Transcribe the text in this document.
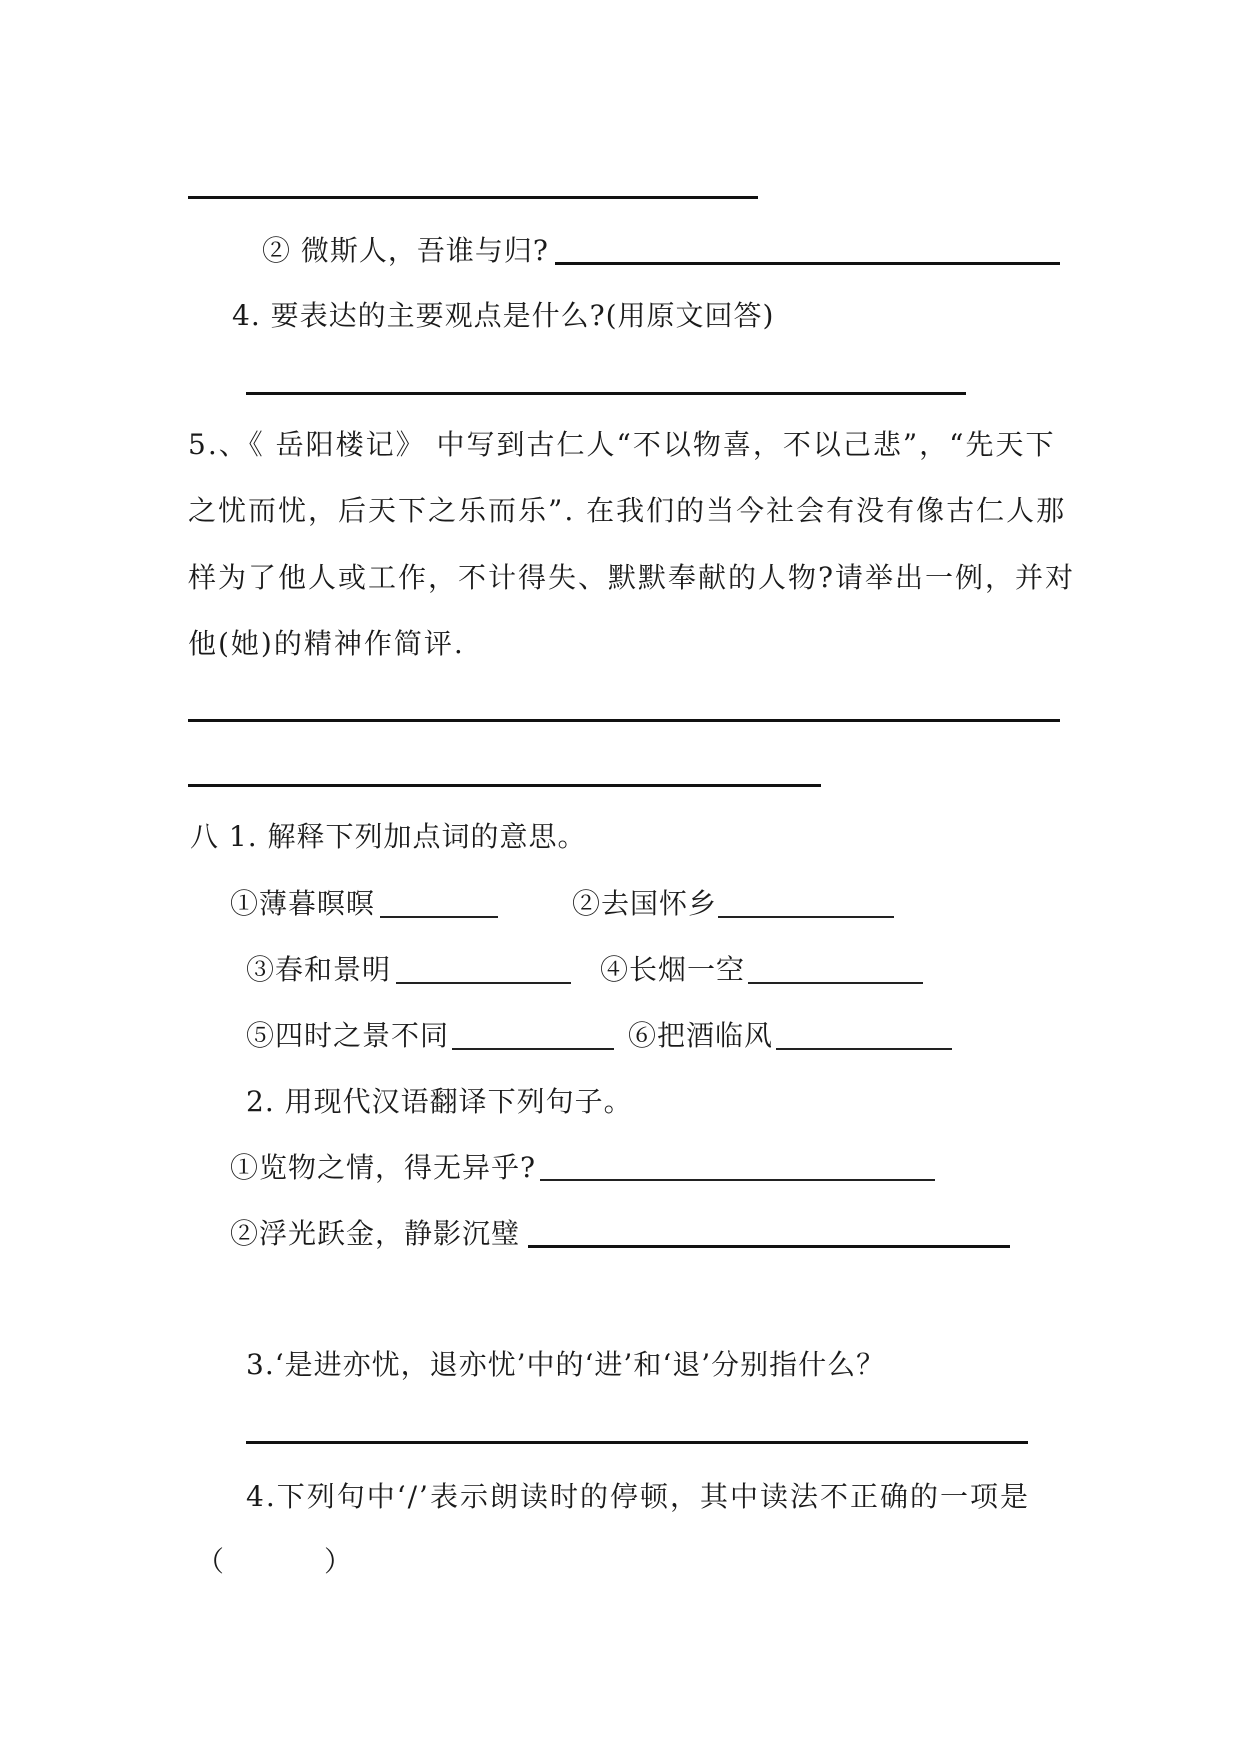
② 微斯人，吾谁与归?
4. 要表达的主要观点是什么?(用原文回答)
5.、《 岳阳楼记》 中写到古仁人“不以物喜，不以己悲”，“先天下
之忧而忧，后天下之乐而乐”. 在我们的当今社会有没有像古仁人那
样为了他人或工作，不计得失、默默奉献的人物?请举出一例，并对
他(她)的精神作简评.
八 1. 解释下列加点词的意思。
①薄暮暝暝	②去国怀乡
③春和景明	④长烟一空
⑤四时之景不同	⑥把酒临风
2. 用现代汉语翻译下列句子。
①览物之情，得无异乎?
②浮光跃金，静影沉璧
3.‘是进亦忧，退亦忧’中的‘进’和‘退’分别指什么？
4.下列句中‘/’表示朗读时的停顿，其中读法不正确的一项是
（          ）
